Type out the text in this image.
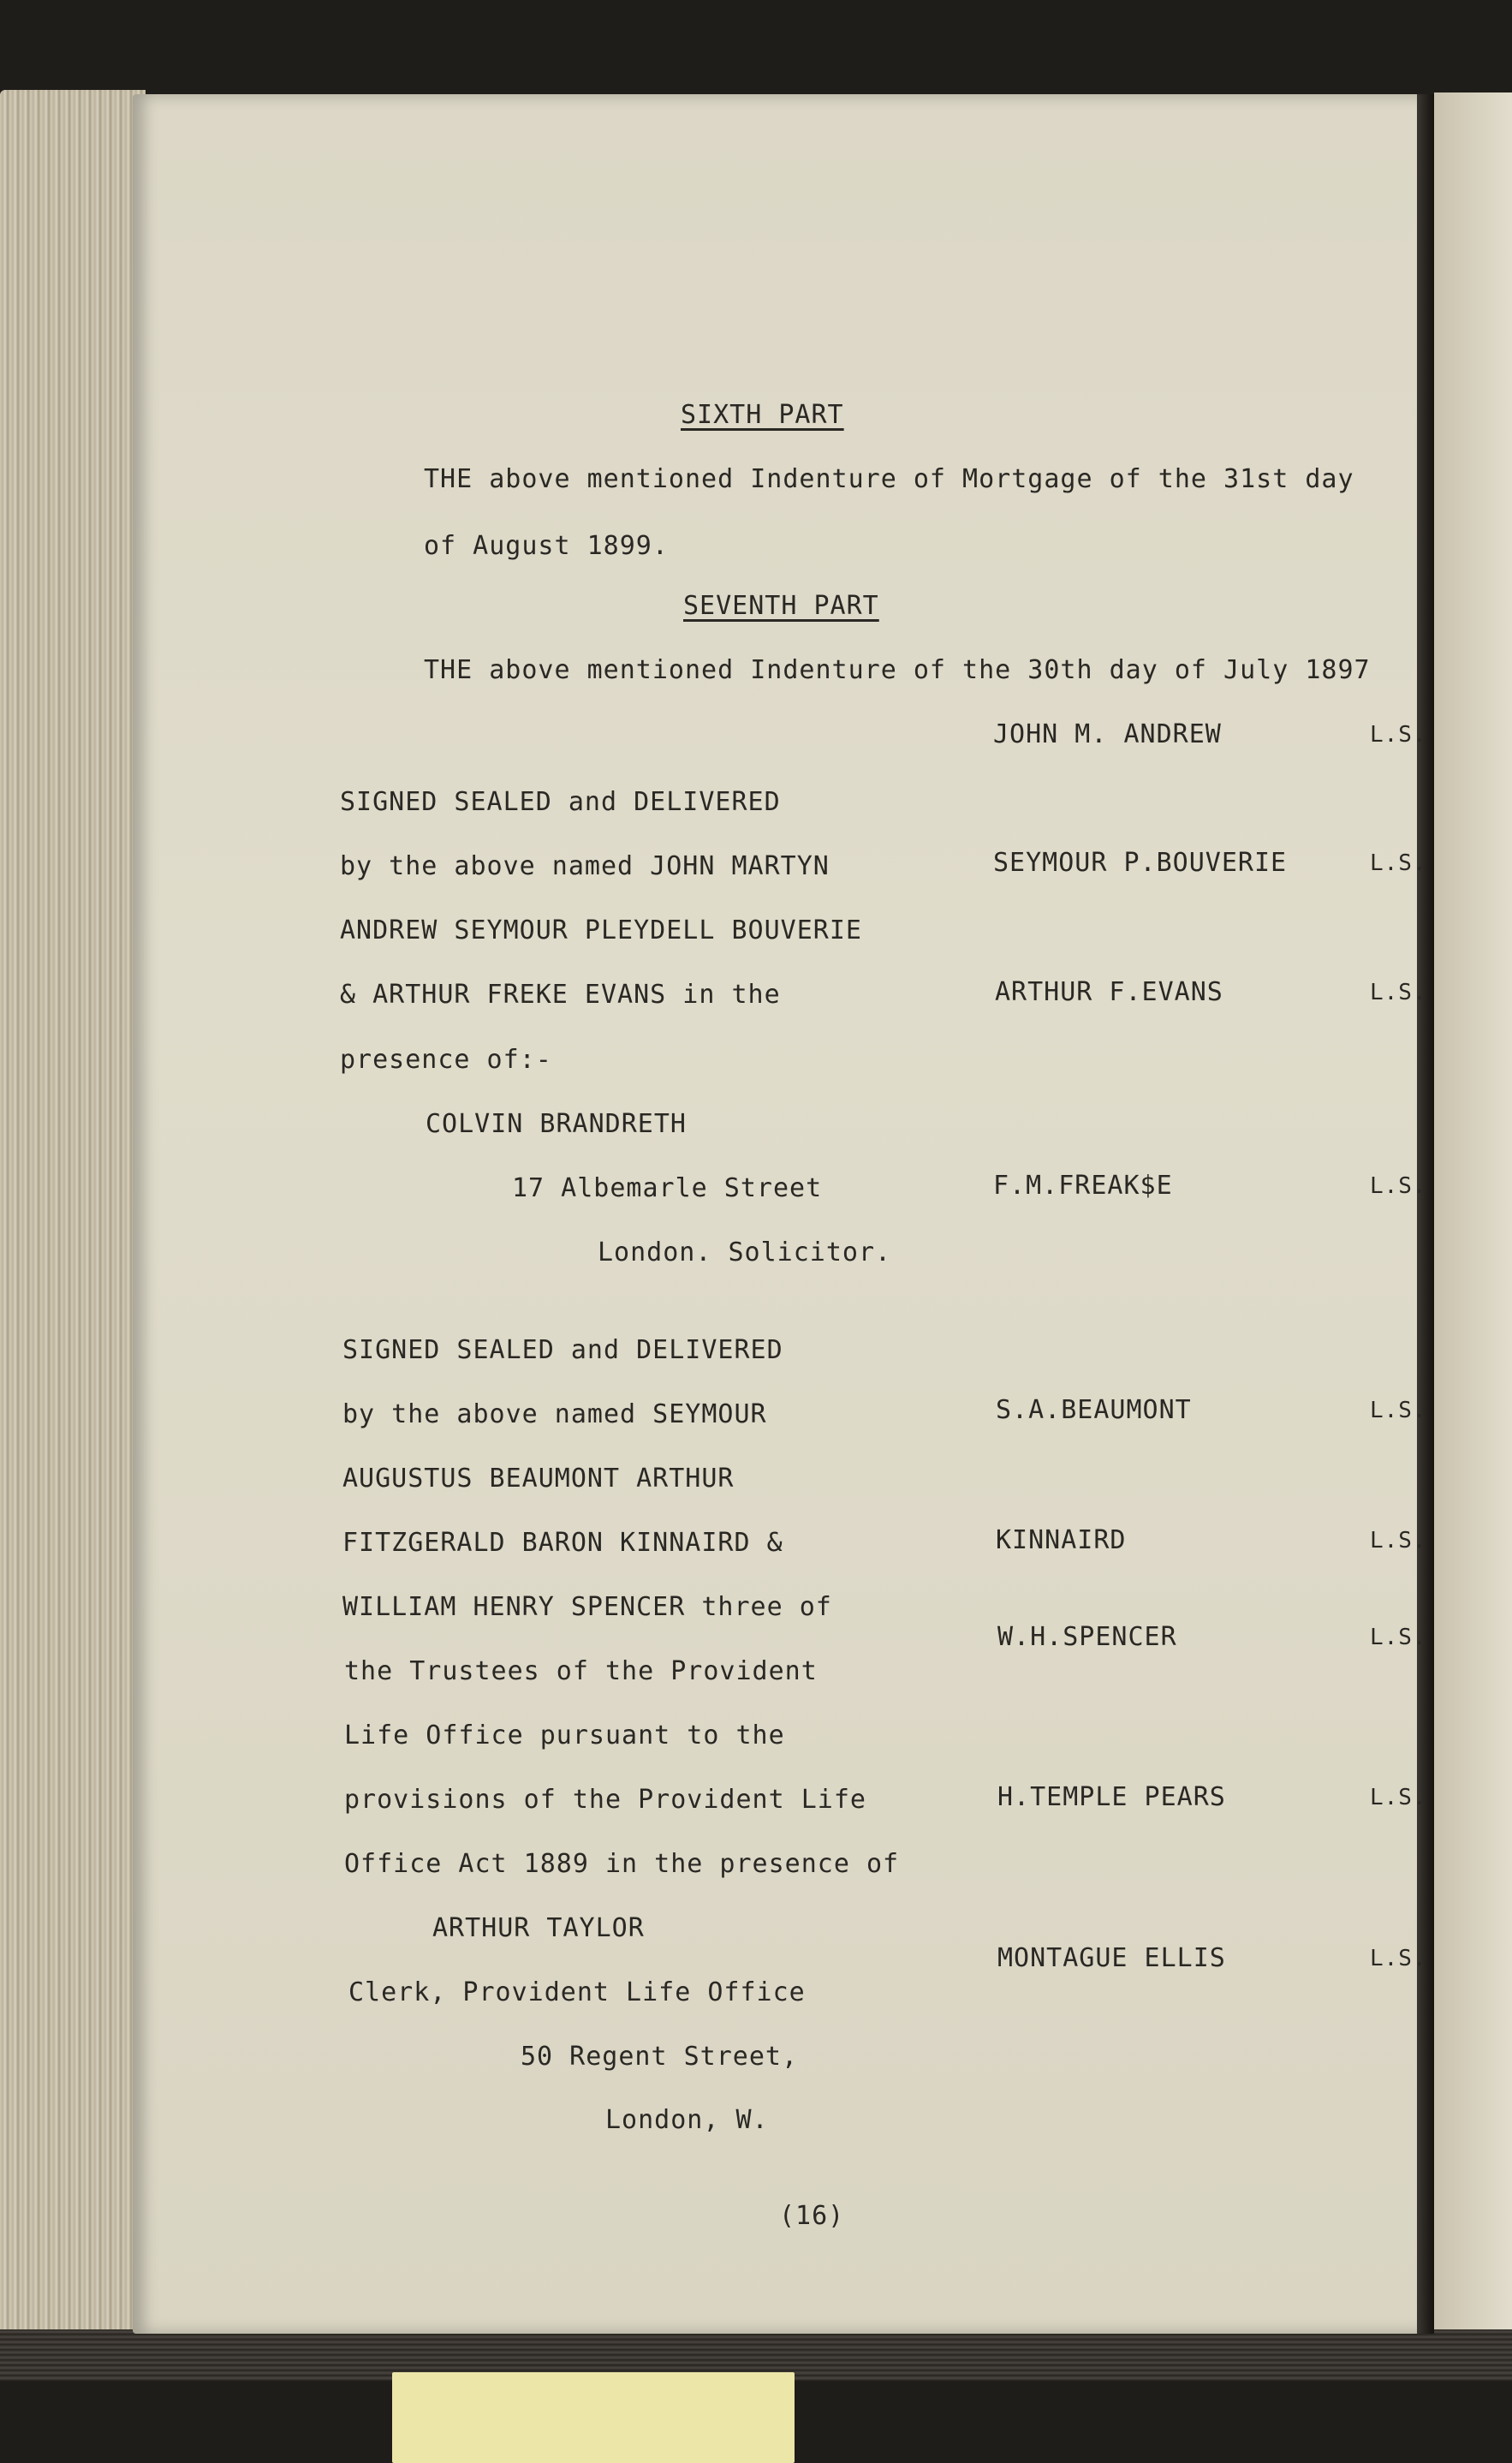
SIXTH PART
THE above mentioned Indenture of Mortgage of the 31st day
of August 1899.
SEVENTH PART
THE above mentioned Indenture of the 30th day of July 1897
SIGNED SEALED and DELIVERED
by the above named JOHN MARTYN
ANDREW SEYMOUR PLEYDELL BOUVERIE
& ARTHUR FREKE EVANS in the
presence of:-
COLVIN BRANDRETH
17 Albemarle Street
London. Solicitor.
JOHN M. ANDREW	L.S.
SEYMOUR P.BOUVERIE	L.S.
ARTHUR F.EVANS	L.S.
F.M.FREAK$E	L.S.
SIGNED SEALED and DELIVERED
by the above named SEYMOUR
AUGUSTUS BEAUMONT ARTHUR
FITZGERALD BARON KINNAIRD &
WILLIAM HENRY SPENCER three of
the Trustees of the Provident
Life Office pursuant to the
provisions of the Provident Life
Office Act 1889 in the presence of
ARTHUR TAYLOR
Clerk, Provident Life Office
50 Regent Street,
London, W.
S.A.BEAUMONT	L.S.
KINNAIRD	L.S.
W.H.SPENCER	L.S.
H.TEMPLE PEARS	L.S.
MONTAGUE ELLIS	L.S.
(16)
